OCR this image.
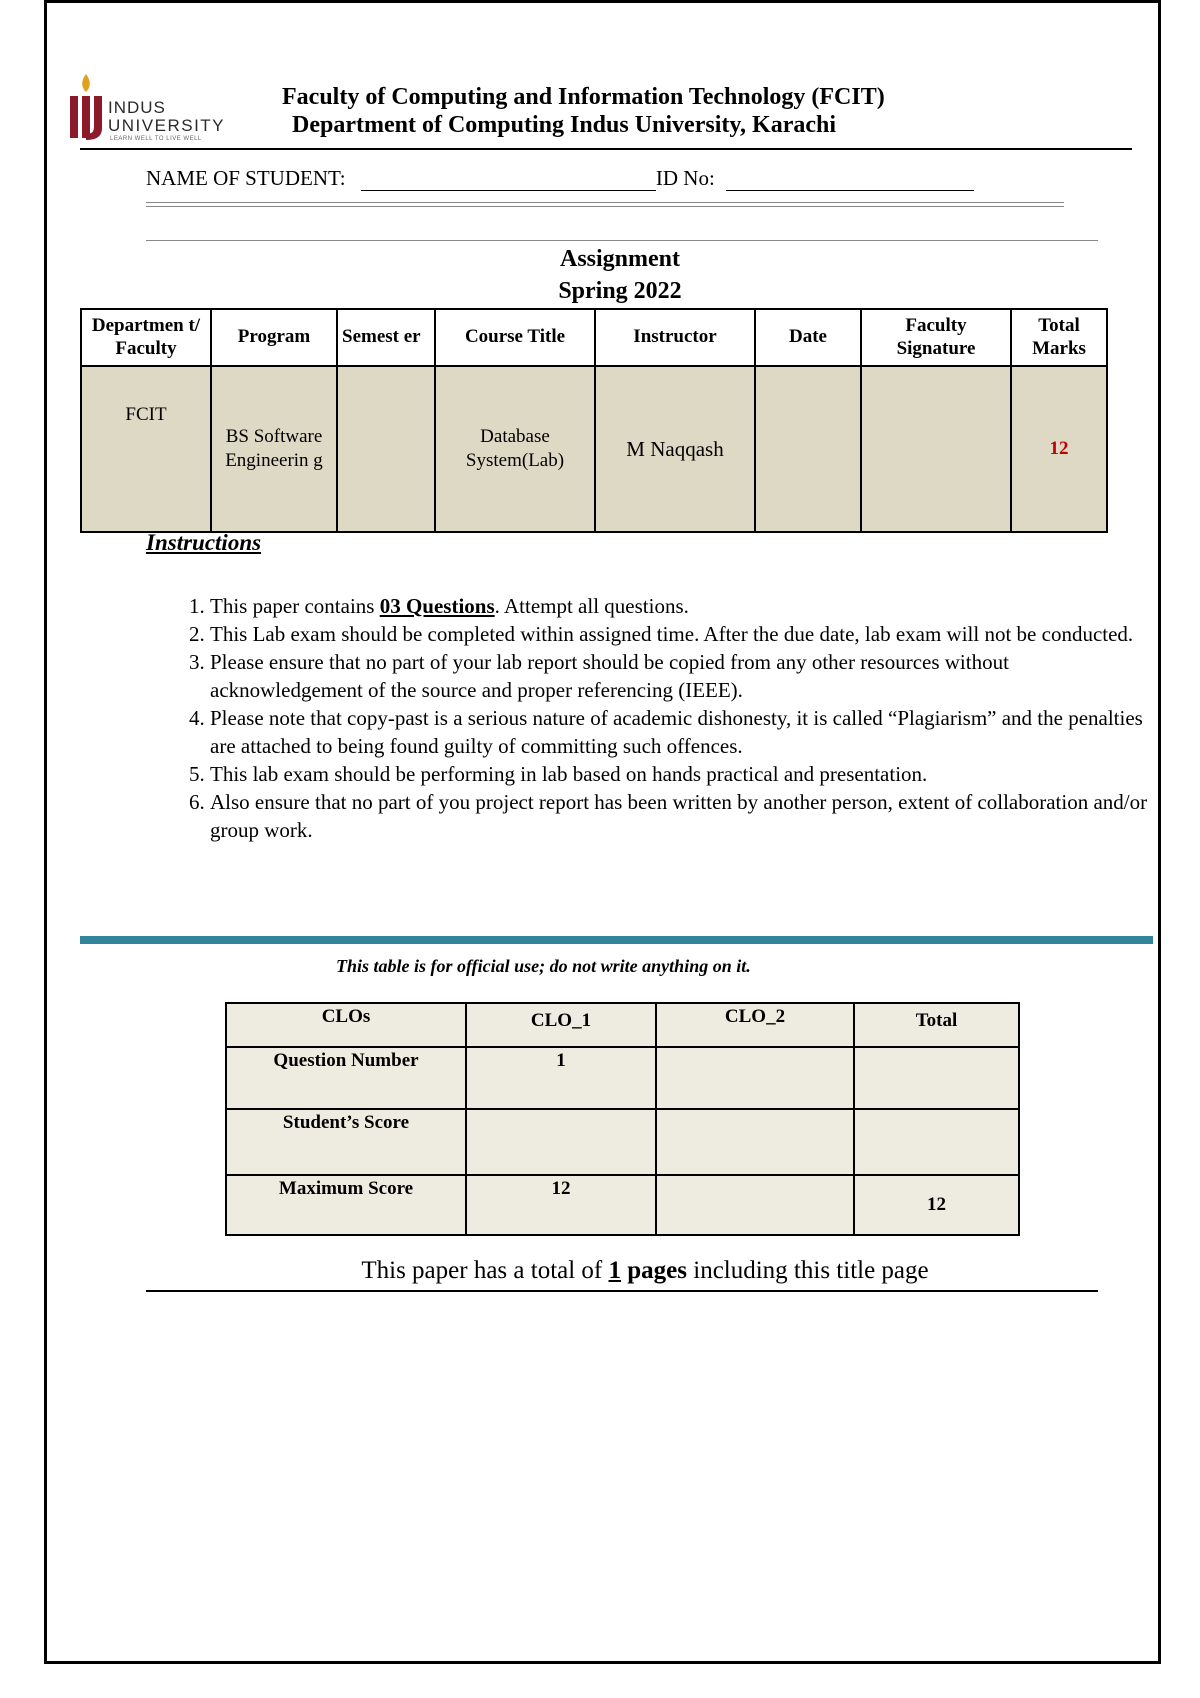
INDUS
UNIVERSITY
LEARN WELL TO LIVE WELL
Faculty of Computing and Information Technology (FCIT)
Department of Computing Indus University, Karachi
NAME OF STUDENT:	ID No:
Assignment
Spring 2022
Departmen t/ Faculty	Program	Semest er	Course Title	Instructor	Date	Faculty Signature	Total Marks
FCIT	BS Software Engineerin g		Database System(Lab)	M Naqqash			12
Instructions
1. This paper contains 03 Questions. Attempt all questions.
2. This Lab exam should be completed within assigned time. After the due date, lab exam will not be conducted.
3. Please ensure that no part of your lab report should be copied from any other resources without acknowledgement of the source and proper referencing (IEEE).
4. Please note that copy-past is a serious nature of academic dishonesty, it is called “Plagiarism” and the penalties are attached to being found guilty of committing such offences.
5. This lab exam should be performing in lab based on hands practical and presentation.
6. Also ensure that no part of you project report has been written by another person, extent of collaboration and/or group work.
This table is for official use; do not write anything on it.
CLOs	CLO_1	CLO_2	Total
Question Number	1		
Student’s Score			
Maximum Score	12		12
This paper has a total of 1 pages including this title page
